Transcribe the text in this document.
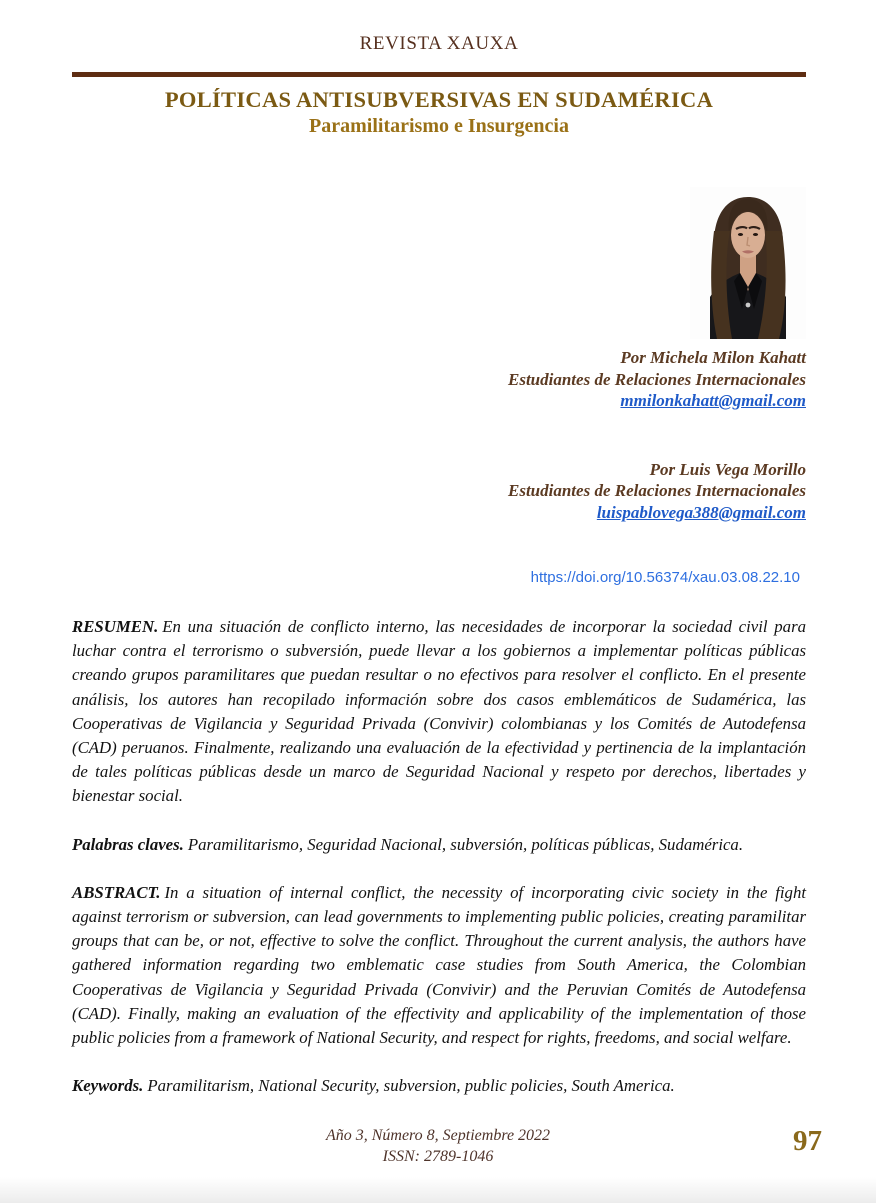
REVISTA XAUXA
POLÍTICAS ANTISUBVERSIVAS EN SUDAMÉRICA
Paramilitarismo e Insurgencia
Por Michela Milon Kahatt
Estudiantes de Relaciones Internacionales
mmilonkahatt@gmail.com
Por Luis Vega Morillo
Estudiantes de Relaciones Internacionales
luispablovega388@gmail.com
https://doi.org/10.56374/xau.03.08.22.10

RESUMEN. En una situación de conflicto interno, las necesidades de incorporar la sociedad civil para luchar contra el terrorismo o subversión, puede llevar a los gobiernos a implementar políticas públicas creando grupos paramilitares que puedan resultar o no efectivos para resolver el conflicto. En el presente análisis, los autores han recopilado información sobre dos casos emblemáticos de Sudamérica, las Cooperativas de Vigilancia y Seguridad Privada (Convivir) colombianas y los Comités de Autodefensa (CAD) peruanos. Finalmente, realizando una evaluación de la efectividad y pertinencia de la implantación de tales políticas públicas desde un marco de Seguridad Nacional y respeto por derechos, libertades y bienestar social.

Palabras claves. Paramilitarismo, Seguridad Nacional, subversión, políticas públicas, Sudamérica.

ABSTRACT. In a situation of internal conflict, the necessity of incorporating civic society in the fight against terrorism or subversion, can lead governments to implementing public policies, creating paramilitar groups that can be, or not, effective to solve the conflict. Throughout the current analysis, the authors have gathered information regarding two emblematic case studies from South America, the Colombian Cooperativas de Vigilancia y Seguridad Privada (Convivir) and the Peruvian Comités de Autodefensa (CAD). Finally, making an evaluation of the effectivity and applicability of the implementation of those public policies from a framework of National Security, and respect for rights, freedoms, and social welfare.

Keywords. Paramilitarism, National Security, subversion, public policies, South America.

Año 3, Número 8, Septiembre 2022
ISSN: 2789-1046	97
